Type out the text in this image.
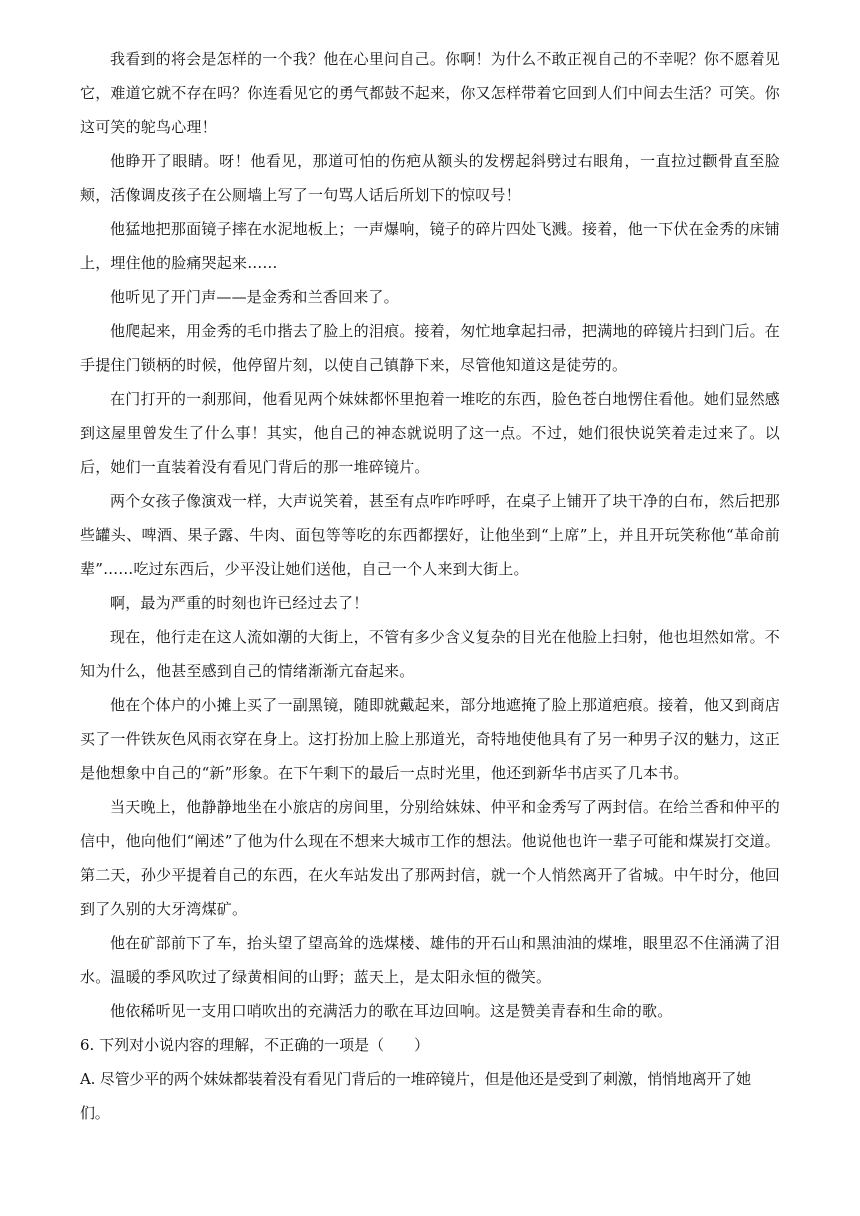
我看到的将会是怎样的一个我？他在心里问自己。你啊！为什么不敢正视自己的不幸呢？你不愿着见它，难道它就不存在吗？你连看见它的勇气都鼓不起来，你又怎样带着它回到人们中间去生活？可笑。你这可笑的鸵鸟心理！

他睁开了眼睛。呀！他看见，那道可怕的伤疤从额头的发楞起斜劈过右眼角，一直拉过颧骨直至脸颊，活像调皮孩子在公厕墙上写了一句骂人话后所划下的惊叹号！

他猛地把那面镜子摔在水泥地板上；一声爆响，镜子的碎片四处飞溅。接着，他一下伏在金秀的床铺上，埋住他的脸痛哭起来……

他听见了开门声——是金秀和兰香回来了。

他爬起来，用金秀的毛巾揩去了脸上的泪痕。接着，匆忙地拿起扫帚，把满地的碎镜片扫到门后。在手提住门锁柄的时候，他停留片刻，以使自己镇静下来，尽管他知道这是徒劳的。

在门打开的一刹那间，他看见两个妹妹都怀里抱着一堆吃的东西，脸色苍白地愣住看他。她们显然感到这屋里曾发生了什么事！其实，他自己的神态就说明了这一点。不过，她们很快说笑着走过来了。以后，她们一直装着没有看见门背后的那一堆碎镜片。

两个女孩子像演戏一样，大声说笑着，甚至有点咋咋呼呼，在桌子上铺开了块干净的白布，然后把那些罐头、啤酒、果子露、牛肉、面包等等吃的东西都摆好，让他坐到“上席”上，并且开玩笑称他“革命前辈”……吃过东西后，少平没让她们送他，自己一个人来到大街上。

啊，最为严重的时刻也许已经过去了！

现在，他行走在这人流如潮的大街上，不管有多少含义复杂的目光在他脸上扫射，他也坦然如常。不知为什么，他甚至感到自己的情绪渐渐亢奋起来。

他在个体户的小摊上买了一副黑镜，随即就戴起来，部分地遮掩了脸上那道疤痕。接着，他又到商店买了一件铁灰色风雨衣穿在身上。这打扮加上脸上那道光，奇特地使他具有了另一种男子汉的魅力，这正是他想象中自己的“新”形象。在下午剩下的最后一点时光里，他还到新华书店买了几本书。

当天晚上，他静静地坐在小旅店的房间里，分别给妹妹、仲平和金秀写了两封信。在给兰香和仲平的信中，他向他们“阐述”了他为什么现在不想来大城市工作的想法。他说他也许一辈子可能和煤炭打交道。第二天，孙少平提着自己的东西，在火车站发出了那两封信，就一个人悄然离开了省城。中午时分，他回到了久别的大牙湾煤矿。

他在矿部前下了车，抬头望了望高耸的选煤楼、雄伟的开石山和黑油油的煤堆，眼里忍不住涌满了泪水。温暖的季风吹过了绿黄相间的山野；蓝天上，是太阳永恒的微笑。

他依稀听见一支用口哨吹出的充满活力的歌在耳边回响。这是赞美青春和生命的歌。

6. 下列对小说内容的理解，不正确的一项是（　　）

A. 尽管少平的两个妹妹都装着没有看见门背后的一堆碎镜片，但是他还是受到了刺激，悄悄地离开了她们。
